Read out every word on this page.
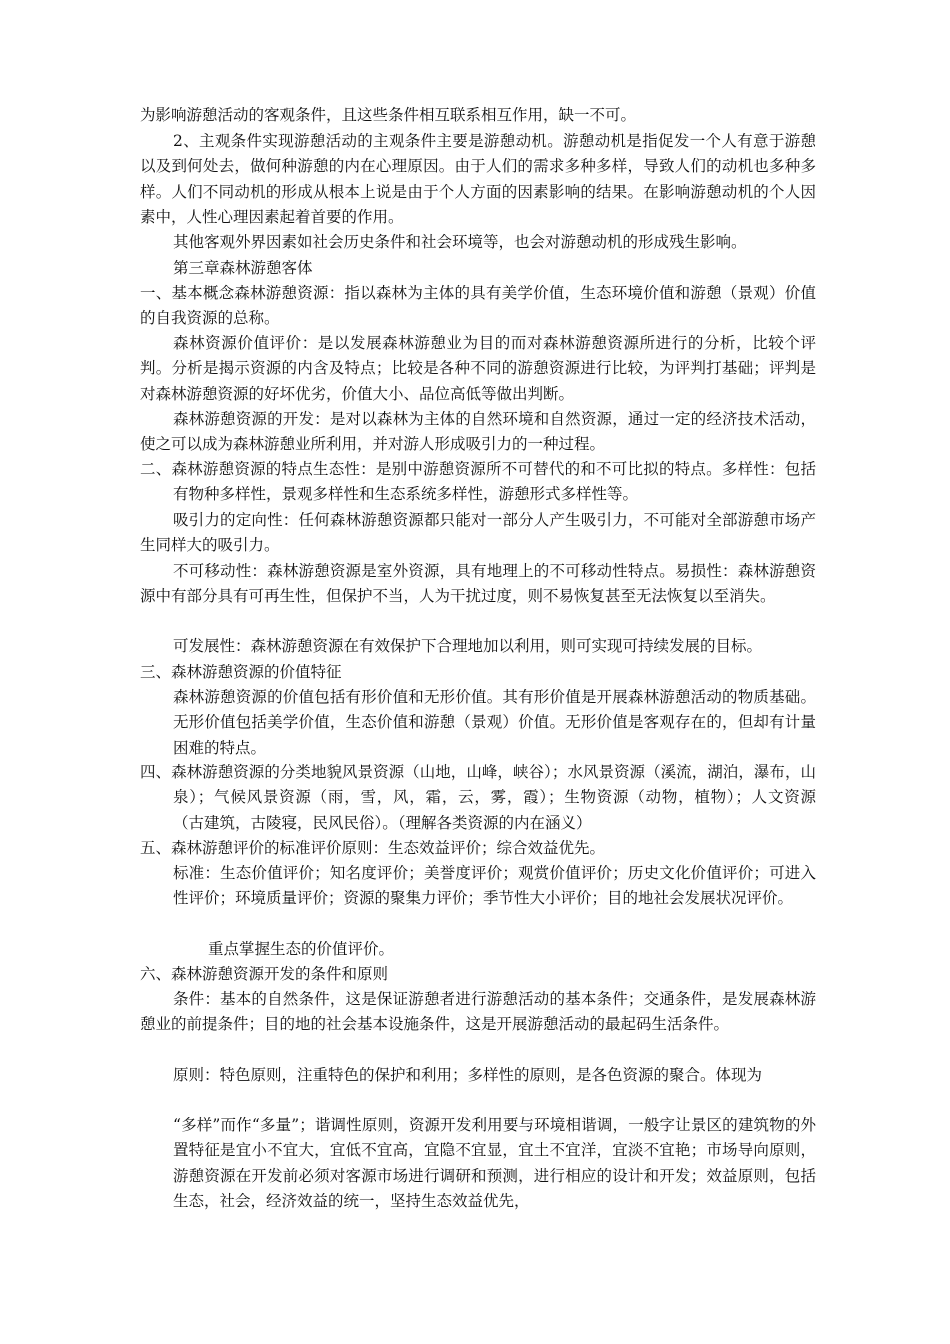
为影响游憩活动的客观条件，且这些条件相互联系相互作用，缺一不可。

2、主观条件实现游憩活动的主观条件主要是游憩动机。游憩动机是指促发一个人有意于游憩以及到何处去，做何种游憩的内在心理原因。由于人们的需求多种多样，导致人们的动机也多种多样。人们不同动机的形成从根本上说是由于个人方面的因素影响的结果。在影响游憩动机的个人因素中，人性心理因素起着首要的作用。

其他客观外界因素如社会历史条件和社会环境等，也会对游憩动机的形成残生影响。

第三章森林游憩客体

一、基本概念森林游憩资源：指以森林为主体的具有美学价值，生态环境价值和游憩（景观）价值的自我资源的总称。

森林资源价值评价：是以发展森林游憩业为目的而对森林游憩资源所进行的分析，比较个评判。分析是揭示资源的内含及特点；比较是各种不同的游憩资源进行比较，为评判打基础；评判是对森林游憩资源的好坏优劣，价值大小、品位高低等做出判断。

森林游憩资源的开发：是对以森林为主体的自然环境和自然资源，通过一定的经济技术活动，使之可以成为森林游憩业所利用，并对游人形成吸引力的一种过程。

二、森林游憩资源的特点生态性：是别中游憩资源所不可替代的和不可比拟的特点。多样性：包括有物种多样性，景观多样性和生态系统多样性，游憩形式多样性等。

吸引力的定向性：任何森林游憩资源都只能对一部分人产生吸引力，不可能对全部游憩市场产生同样大的吸引力。

不可移动性：森林游憩资源是室外资源，具有地理上的不可移动性特点。易损性：森林游憩资源中有部分具有可再生性，但保护不当，人为干扰过度，则不易恢复甚至无法恢复以至消失。

可发展性：森林游憩资源在有效保护下合理地加以利用，则可实现可持续发展的目标。

三、森林游憩资源的价值特征

森林游憩资源的价值包括有形价值和无形价值。其有形价值是开展森林游憩活动的物质基础。无形价值包括美学价值，生态价值和游憩（景观）价值。无形价值是客观存在的，但却有计量困难的特点。

四、森林游憩资源的分类地貌风景资源（山地，山峰，峡谷）；水风景资源（溪流，湖泊，瀑布，山泉）；气候风景资源（雨，雪，风，霜，云，雾，霞）；生物资源（动物，植物）；人文资源（古建筑，古陵寝，民风民俗）。（理解各类资源的内在涵义）

五、森林游憩评价的标准评价原则：生态效益评价；综合效益优先。

标准：生态价值评价；知名度评价；美誉度评价；观赏价值评价；历史文化价值评价；可进入性评价；环境质量评价；资源的聚集力评价；季节性大小评价；目的地社会发展状况评价。

重点掌握生态的价值评价。

六、森林游憩资源开发的条件和原则

条件：基本的自然条件，这是保证游憩者进行游憩活动的基本条件；交通条件，是发展森林游憩业的前提条件；目的地的社会基本设施条件，这是开展游憩活动的最起码生活条件。

原则：特色原则，注重特色的保护和利用；多样性的原则，是各色资源的聚合。体现为

“多样”而作“多量”；谐调性原则，资源开发利用要与环境相谐调，一般字让景区的建筑物的外置特征是宜小不宜大，宜低不宜高，宜隐不宜显，宜土不宜洋，宜淡不宜艳；市场导向原则，游憩资源在开发前必须对客源市场进行调研和预测，进行相应的设计和开发；效益原则，包括生态，社会，经济效益的统一，坚持生态效益优先，
